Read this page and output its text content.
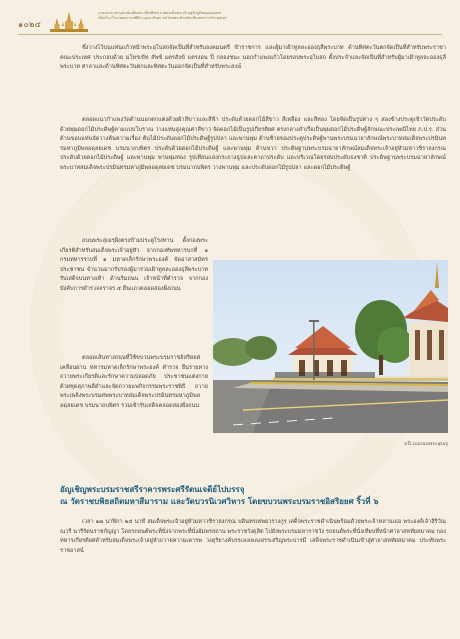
๑๐๒๔
งานบรมราชานุสรณ์เฉลิมพระเกียรติพระบาทสมเด็จพระเจ้าอยู่หัวภูมิพลอดุลยเดช
เนื่องในวโรกาสพระราชพิธีกาญจนาภิเษก สมโภชพระตำหนักเขียวพระราชวัง ๒๕๓๙
ซึ่งวางไว้บนแท่นแก้วหน้าพระอุโบสถจัดเป็นที่สำหรับองคมนตรี ข้าราชการ และผู้มาเฝ้าทูลละอองธุลีพระบาท ด้านทิศตะวันตกจัดเป็นที่สำหรับพระราชาคณะประเทศ ประกอบด้วย มโหรเข้ท สัพซ์ แตรสังข์ แตรงอน ปี่ กลองชนะ นอกกำแพงแก้วโดยรอบพระอุโบสถ ตั้งประจำและจัดเป็นที่สำหรับผู้มาเฝ้าทูลละอองธุลีพระบาท ศาลาและด้านทิศตะวันตกและทิศตะวันออกจัดเป็นที่สำหรับพระสงฆ์
ตลอดแนวกำแพงวัดด้านนอกตกแต่งด้วยผ้าสีขาวและสีฟ้า ประดับด้วยดอกไม้สีขาว สีเหลือง และสีทอง โดยจัดเป็นรูปต่าง ๆ สองข้างประตูเข้าวัดประดับด้วยพุ่มดอกไม้ประดิษฐ์ตามแบบโบราณ วางแท่นสูงคุณค่าสีขาว จัดดอกไม้เป็นรูปเกียรติยศ ตรงกลางลำเรือเป็นพุ่มดอกไม้ประดิษฐ์ลักษณะประเพณีไทย ภ.ป.ร. ส่วนด้านขอบแท่นจัดวางต้นความเรื่อง ต้นไม้ประดับดอกไม้ประดิษฐ์รูปปลา และพานพุ่ม ด้านซ้ายของประตูประดิษฐ์พานพระบรมฉายาลักษณ์พระบาทสมเด็จพระปรมินทรมหาภูมิพลอดุลยเดช บรมนาถบพิตร ประดับด้วยดอกไม้ประดิษฐ์ และพานพุ่ม ด้านขวา ประดิษฐานพระบรมฉายาลักษณ์สมเด็จพระเจ้าอยู่หัวมหาวชิราลงกรณ ประดับด้วยดอกไม้ประดิษฐ์ และพานพุ่ม พานพุ่มทอง รูปเทียนแสงกระถางธูปและคาถาประดับ และบริเวณโดยรอบประดับธงชาติ ประดิษฐานพระบรมฉายาลักษณ์พระบาทสมเด็จพระปรมินทรมหาภูมิพลอดุลยเดช บรมนาถบพิตร วางพานพุ่ม และประดับดอกไม้รูปปลา และดอกไม้ประดิษฐ์
ถนนพระสุเมรุฝั่งตรงข้ามประตูโรงทาน ตั้งกองพระเกียรติสำหรับสมเด็จพระเจ้าอยู่หัว จากกองทัพทหารบกที่ ๑ กรมทหารราบที่ ๑ มหาดเล็กรักษาพระองค์ จัดอาสาสมัครประชาชน จำนวนมากรับรองผู้มาร่วมเฝ้าทูลละอองธุลีพระบาท รับเสด็จบนทางเท้า ด้านริมถนน เจ้าหน้าที่ตำรวจ จากกองบังคับการตำรวจจราจร ๕ ยืนแถวตลอดสองฝั่งถนน
ตลอดเส้นทางถนนที่ใช้ขบวนพระบรมราชอิสริยยศเคลื่อนผ่าน ทหารมหาดเล็กรักษาพระองค์ ตำรวจ ยืนรายทางถวายพระเกียรติและรักษาความปลอดภัย ประชาชนแต่งกายด้วยชุดสุภาพสีดำและจัดถวายแพกิจกรรมพระราชพิธี ถวายพระเพลิงพระบรมศพพระบาทสมเด็จพระปรมินทรมหาภูมิพลอดุลยเดช บรมนาถบพิตร รวมเข้ารับเสด็จตลอดสองฝั่งถนน
บริเวณถนนพระสุเมรุ
อัญเชิญพระบรมราชสรีราคารพระศรีรัตนเจดีย์ไปบรรจุ
ณ วัดราชบพิธสถิตมหาสีมาราม และวัดบวรนิเวศวิหาร โดยขบวนพระบรมราชอิสริยยศ ริ้วที่ ๖
เวลา ๑๗ นาฬิกา ๒๕ นาที สมเด็จพระเจ้าอยู่หัวมหาวชิราลงกรณ บดินทรเทพยวรางกูร เสด็จพระราชดำเนินพร้อมด้วยพระเจ้าหลานเธอ พระองค์เจ้าสิริวัณณวรี นารีรัตนราชกัญญา โดยรถยนต์พระที่นั่งจากพระที่นั่งอัมพรสถาน พระราชวังดุสิต ไปยังพระบรมมหาราชวัง รถยนต์พระที่นั่งเทียบที่หน้าศาลาสหทัยสมาคม กองทหารเกียรติยศสำหรับสมเด็จพระเจ้าอยู่หัวถวายความเคารพ วงดุริยางค์บรรเลงเพลงสรรเสริญพระบารมี เสด็จพระราชดำเนินเข้าสู่ศาลาสหทัยสมาคม ประทับพระราชอาสน์
